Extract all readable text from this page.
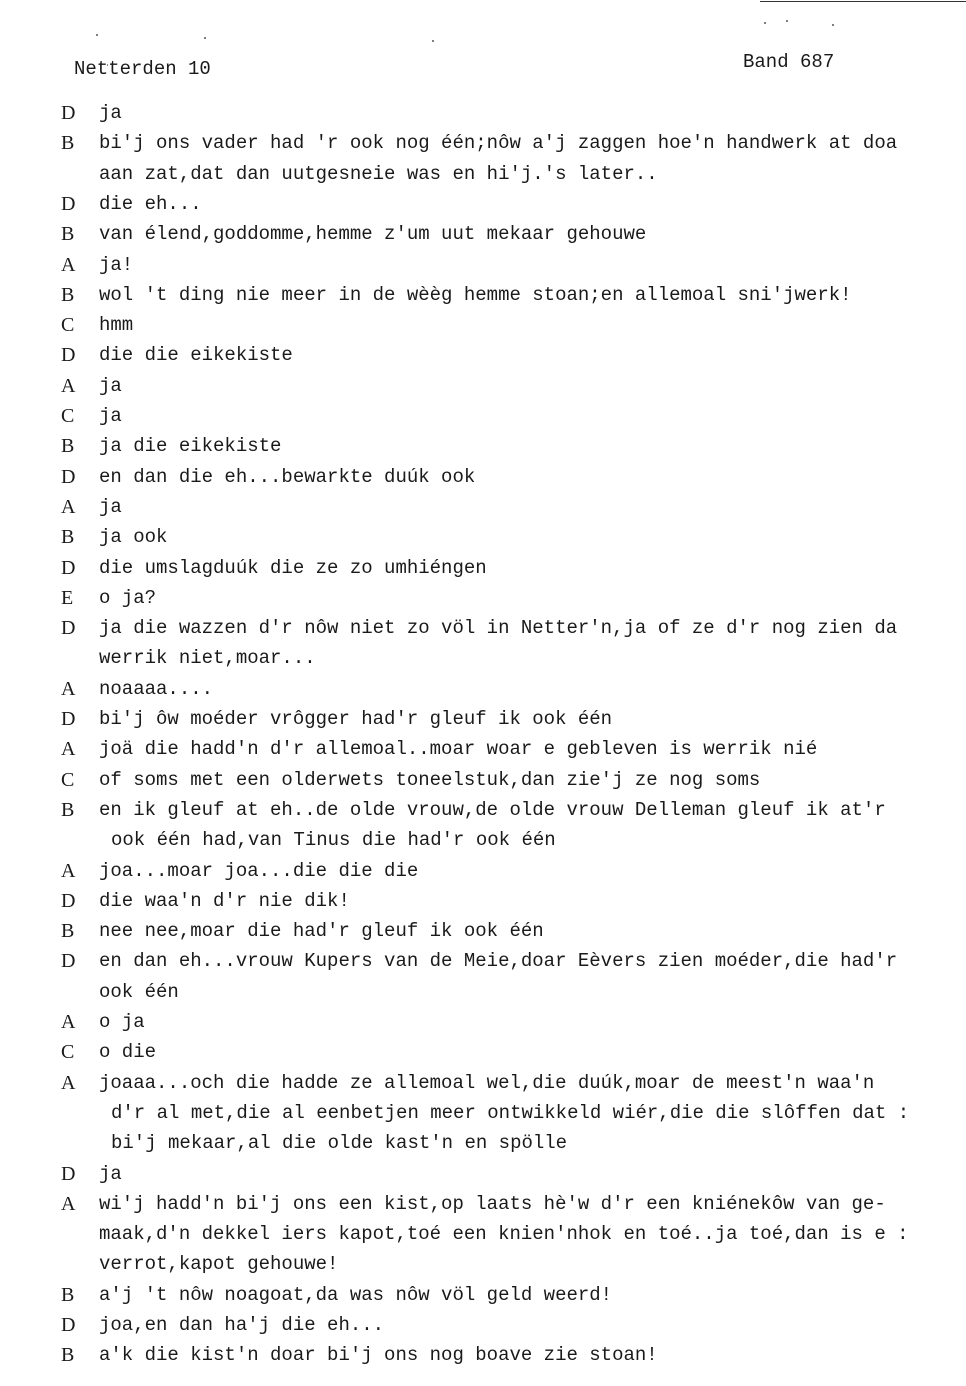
Netterden 10	Band 687
D ja
B bi'j ons vader had 'r ook nog één;nôw a'j zaggen hoe'n handwerk at doa
aan zat,dat dan uutgesneie was en hi'j.'s later..
D die eh...
B van élend,goddomme,hemme z'um uut mekaar gehouwe
A ja!
B wol 't ding nie meer in de wèèg hemme stoan;en allemoal sni'jwerk!
C hmm
D die die eikekiste
A ja
C ja
B ja die eikekiste
D en dan die eh...bewarkte duúk ook
A ja
B ja ook
D die umslagduúk die ze zo umhiéngen
E o ja?
D ja die wazzen d'r nôw niet zo völ in Netter'n,ja of ze d'r nog zien da
werrik niet,moar...
A noaaaa....
D bi'j ôw moéder vrôgger had'r gleuf ik ook één
A joä die hadd'n d'r allemoal..moar woar e gebleven is werrik nié
C of soms met een olderwets toneelstuk,dan zie'j ze nog soms
B en ik gleuf at eh..de olde vrouw,de olde vrouw Delleman gleuf ik at'r
ook één had,van Tinus die had'r ook één
A joa...moar joa...die die die
D die waa'n d'r nie dik!
B nee nee,moar die had'r gleuf ik ook één
D en dan eh...vrouw Kupers van de Meie,doar Eèvers zien moéder,die had'r
ook één
A o ja
C o die
A joaaa...och die hadde ze allemoal wel,die duúk,moar de meest'n waa'n
d'r al met,die al eenbetjen meer ontwikkeld wiér,die die slôffen dat :
bi'j mekaar,al die olde kast'n en spölle
D ja
A wi'j hadd'n bi'j ons een kist,op laats hè'w d'r een kniénekôw van ge-
maak,d'n dekkel iers kapot,toé een knien'nhok en toé..ja toé,dan is e :
verrot,kapot gehouwe!
B a'j 't nôw noagoat,da was nôw völ geld weerd!
D joa,en dan ha'j die eh...
B a'k die kist'n doar bi'j ons nog boave zie stoan!
